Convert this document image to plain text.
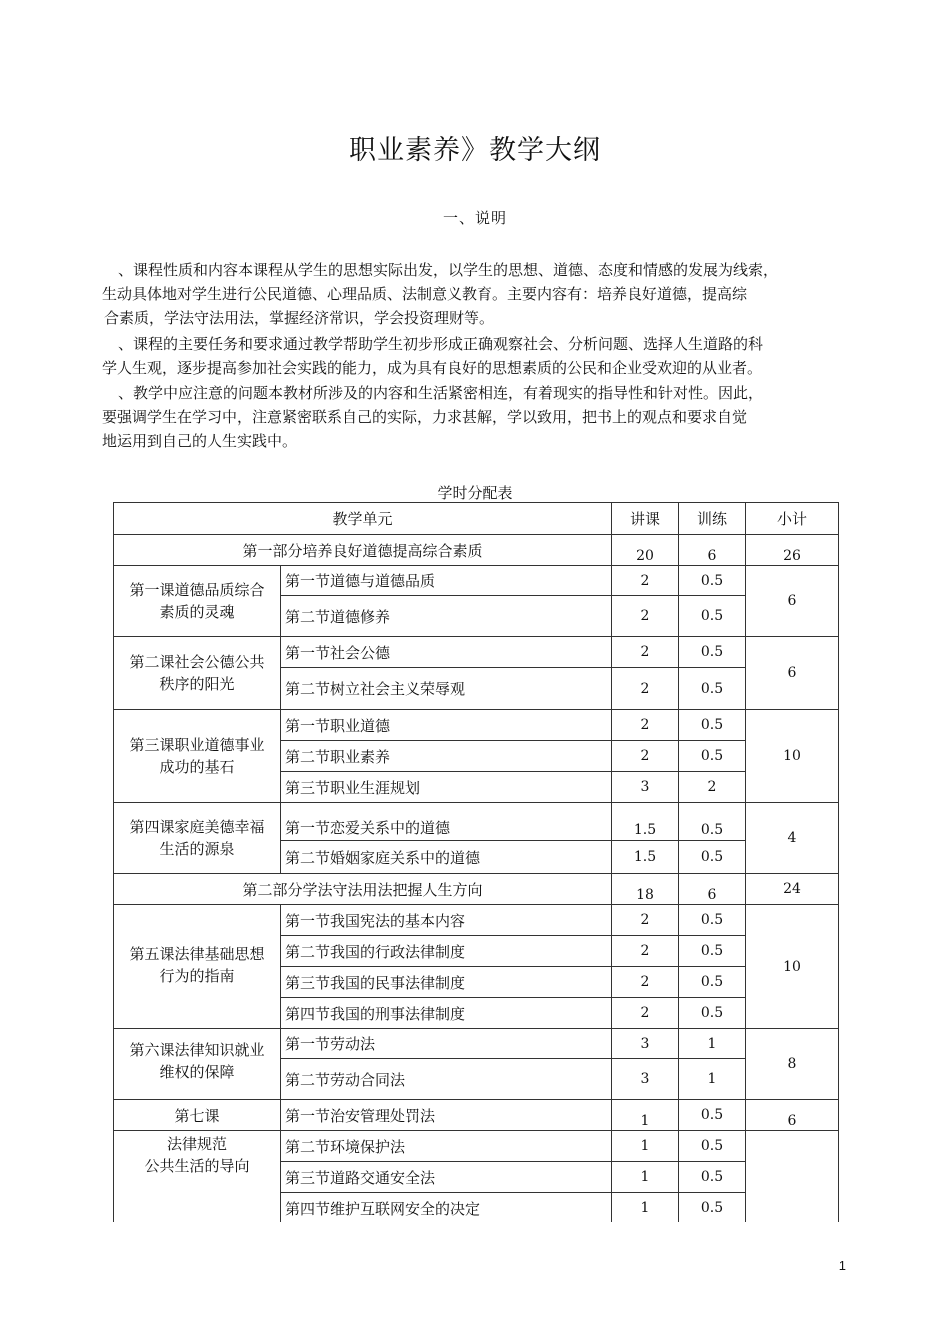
职业素养》教学大纲
一、说明
、课程性质和内容本课程从学生的思想实际出发，以学生的思想、道德、态度和情感的发展为线索，
生动具体地对学生进行公民道德、心理品质、法制意义教育。主要内容有：培养良好道德，提高综
合素质，学法守法用法，掌握经济常识，学会投资理财等。
、课程的主要任务和要求通过教学帮助学生初步形成正确观察社会、分析问题、选择人生道路的科
学人生观，逐步提高参加社会实践的能力，成为具有良好的思想素质的公民和企业受欢迎的从业者。
、教学中应注意的问题本教材所涉及的内容和生活紧密相连，有着现实的指导性和针对性。因此，
要强调学生在学习中，注意紧密联系自己的实际，力求甚解，学以致用，把书上的观点和要求自觉
地运用到自己的人生实践中。
学时分配表
教学单元		讲课	训练	小计
第一部分培养良好道德提高综合素质		20	6	26
第一课道德品质综合
素质的灵魂	第一节道德与道德品质	2	0.5	6
	第二节道德修养	2	0.5	
第二课社会公德公共
秩序的阳光	第一节社会公德	2	0.5	6
	第二节树立社会主义荣辱观	2	0.5	
第三课职业道德事业
成功的基石	第一节职业道德	2	0.5	10
	第二节职业素养	2	0.5	
	第三节职业生涯规划	3	2	
第四课家庭美德幸福
生活的源泉	第一节恋爱关系中的道德	1.5	0.5	4
	第二节婚姻家庭关系中的道德	1.5	0.5	
第二部分学法守法用法把握人生方向		18	6	24
第五课法律基础思想
行为的指南	第一节我国宪法的基本内容	2	0.5	10
	第二节我国的行政法律制度	2	0.5	
	第三节我国的民事法律制度	2	0.5	
	第四节我国的刑事法律制度	2	0.5	
第六课法律知识就业
维权的保障	第一节劳动法	3	1	8
	第二节劳动合同法	3	1	
第七课	第一节治安管理处罚法	1	0.5	6
法律规范
公共生活的导向	第二节环境保护法	1	0.5	
	第三节道路交通安全法	1	0.5	
	第四节维护互联网安全的决定	1	0.5	
1
